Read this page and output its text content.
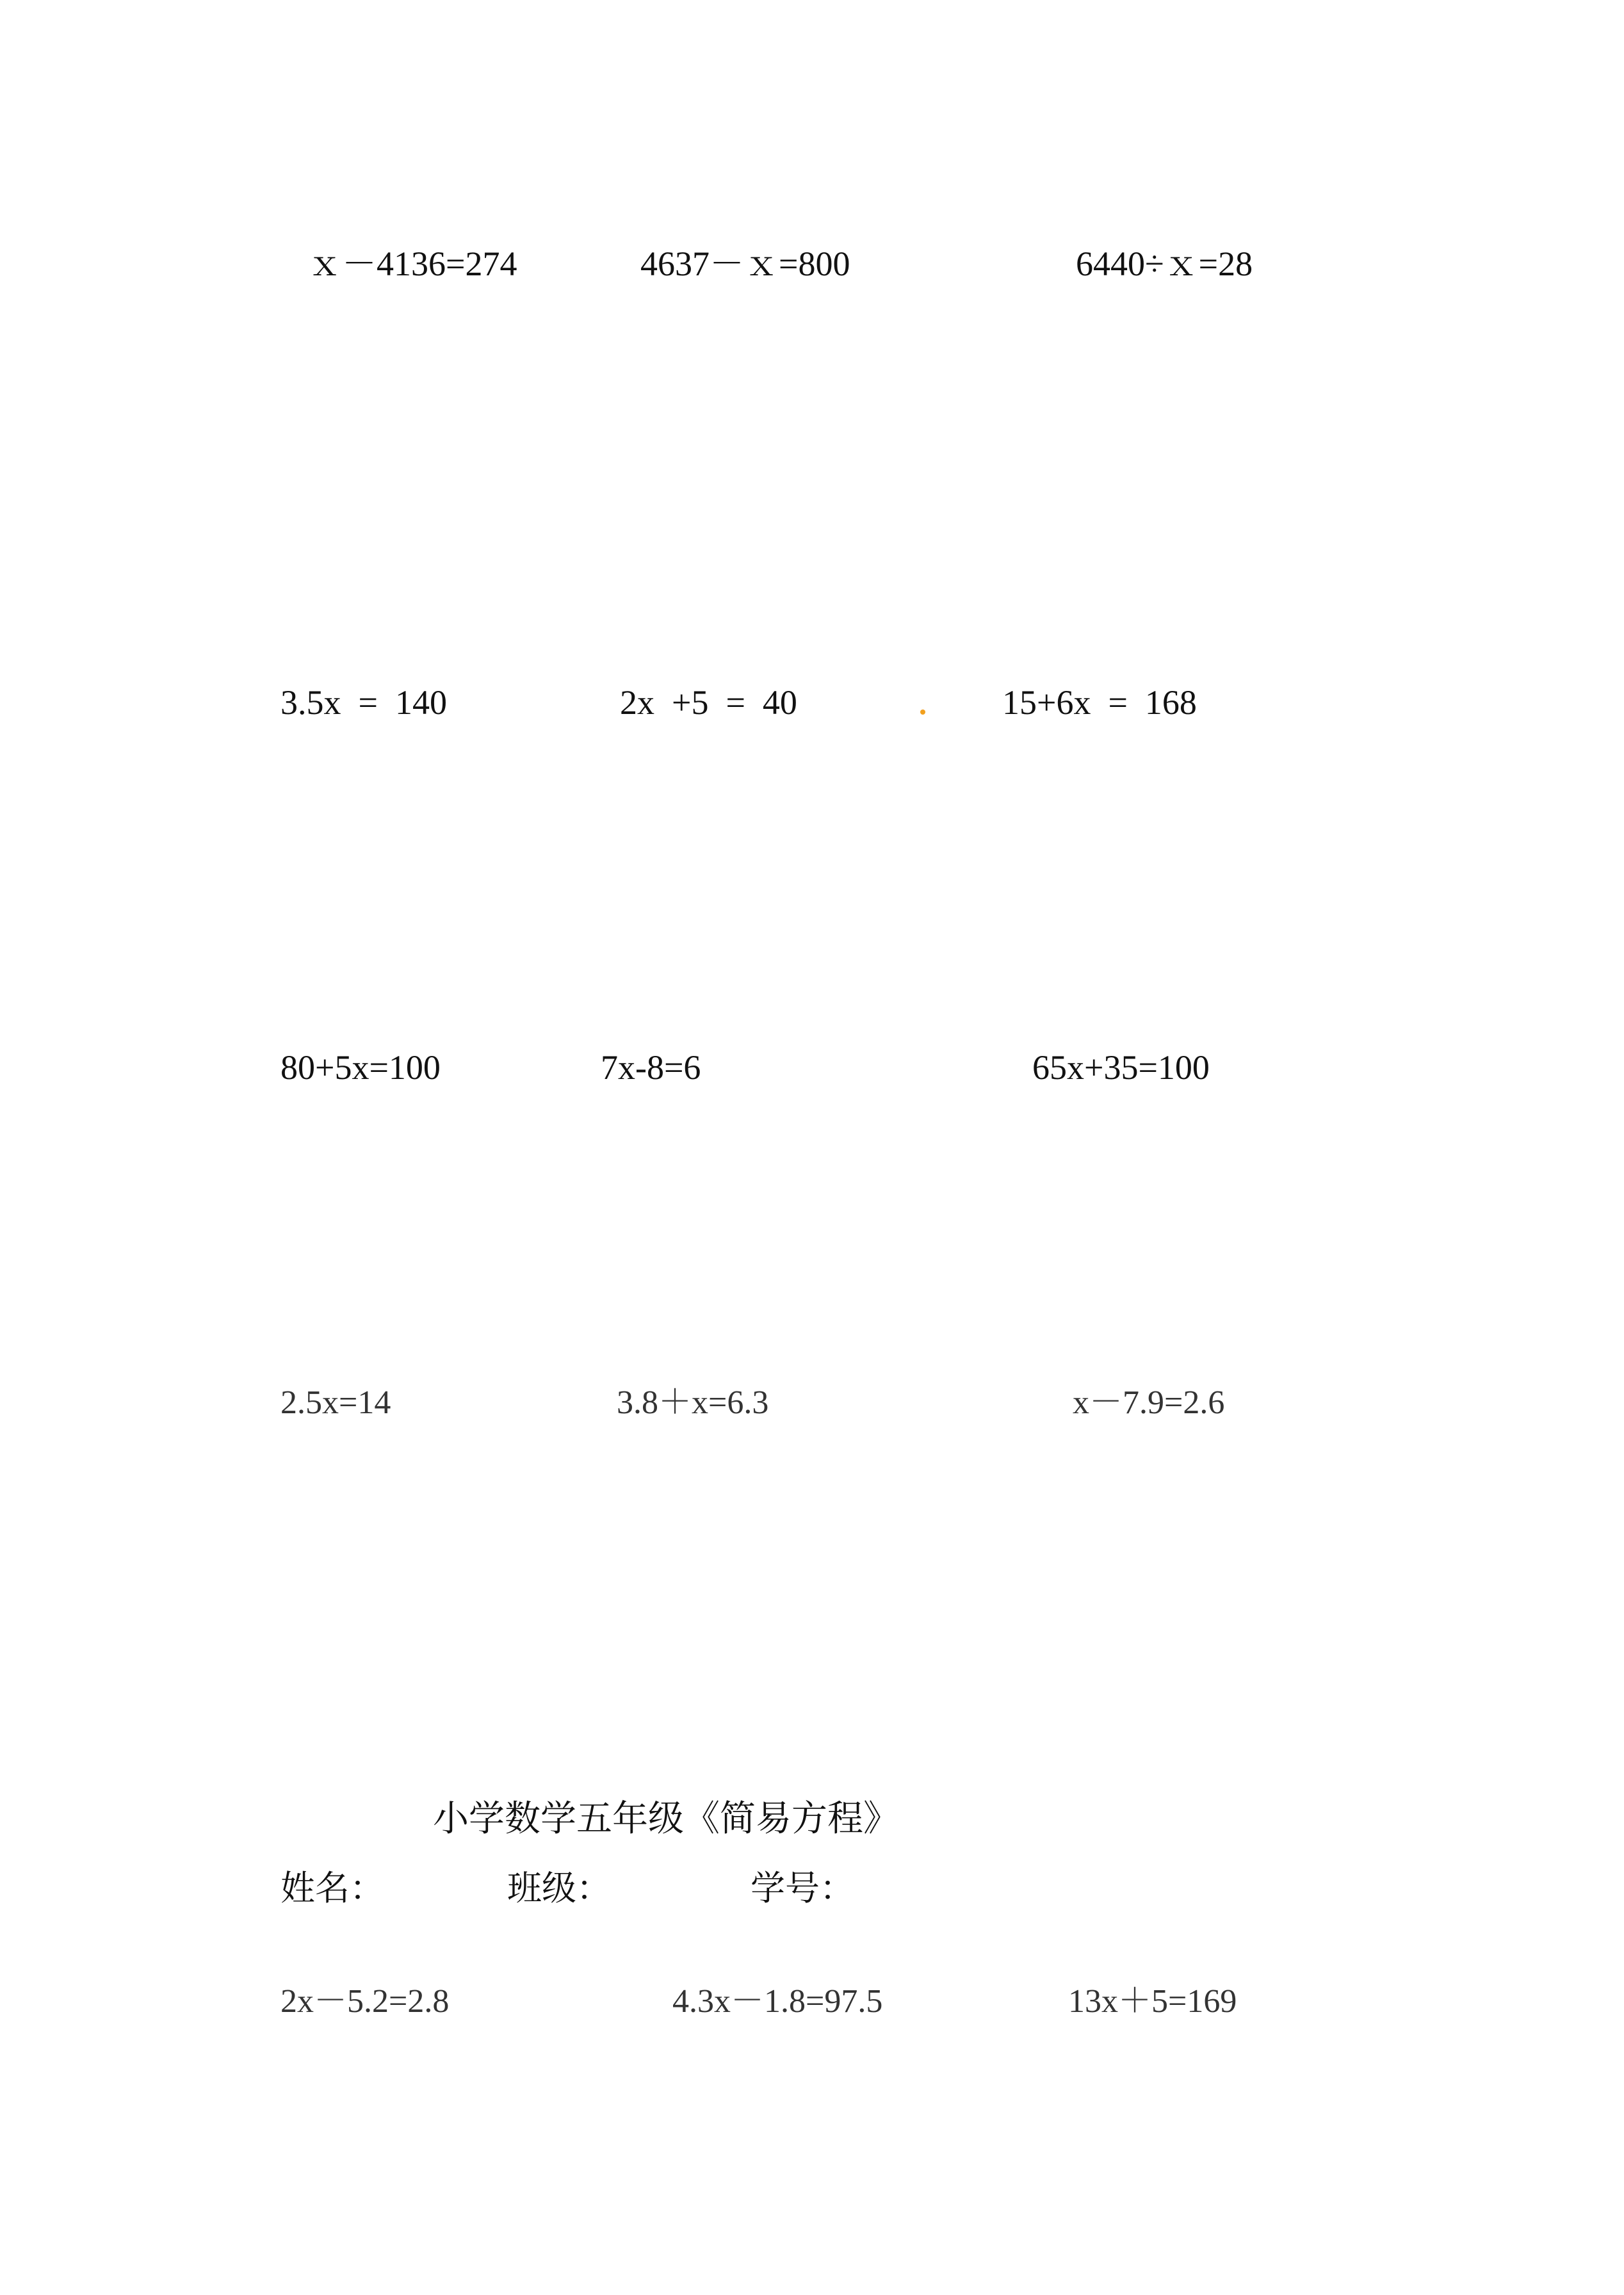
ｘ－4136=274	4637－ｘ=800	6440÷ｘ=28
3.5x  =  140	2x  +5  =  40	15+6x  =  168
80+5x=100	7x-8=6	65x+35=100
2.5x=14	3.8＋x=6.3	x－7.9=2.6
小学数学五年级《简易方程》
姓名：	班级：	学号：
2x－5.2=2.8	4.3x－1.8=97.5	13x＋5=169
